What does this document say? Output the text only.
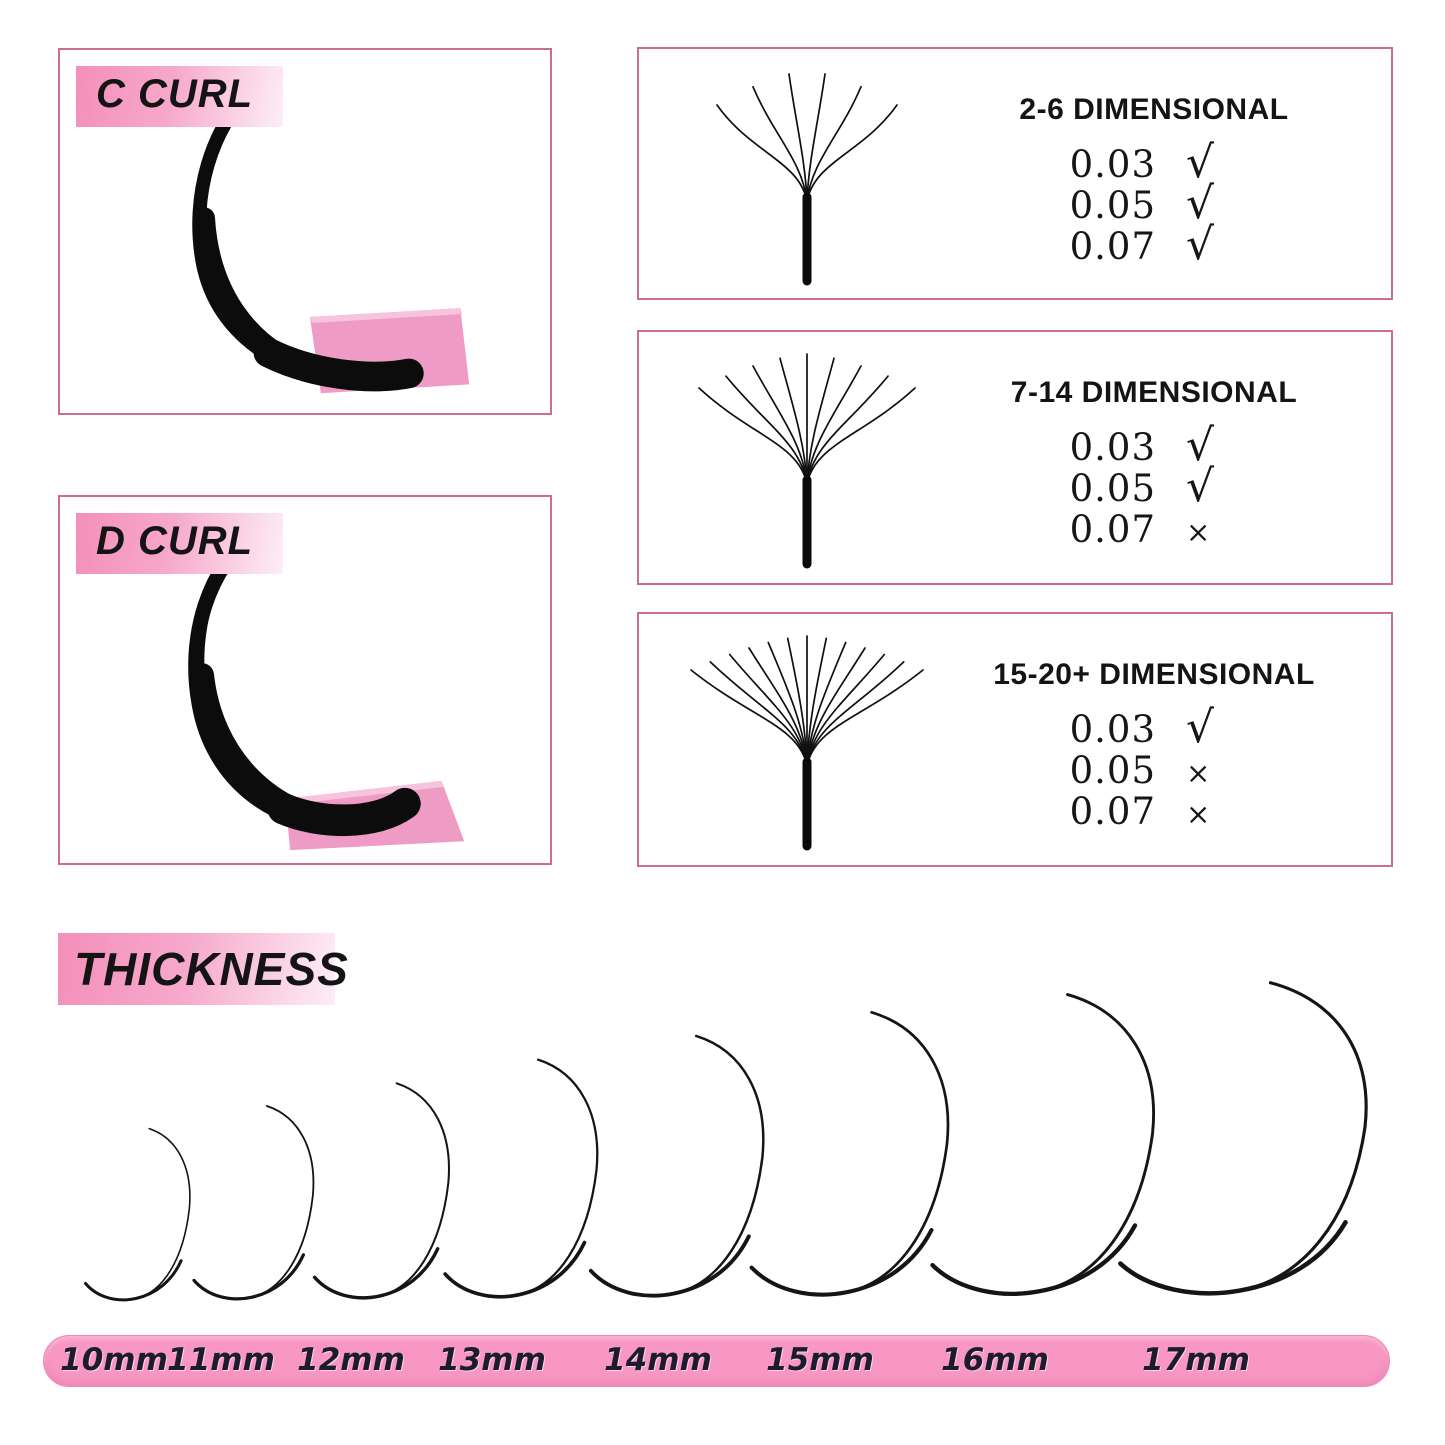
C CURL
D CURL
2-6 DIMENSIONAL
0.03 √
0.05 √
0.07 √
7-14 DIMENSIONAL
0.03 √
0.05 √
0.07	×
15-20+ DIMENSIONAL
0.03 √
0.05	×
0.07	×
THICKNESS
10mm 11mm 12mm 13mm 14mm 15mm 16mm	17mm
